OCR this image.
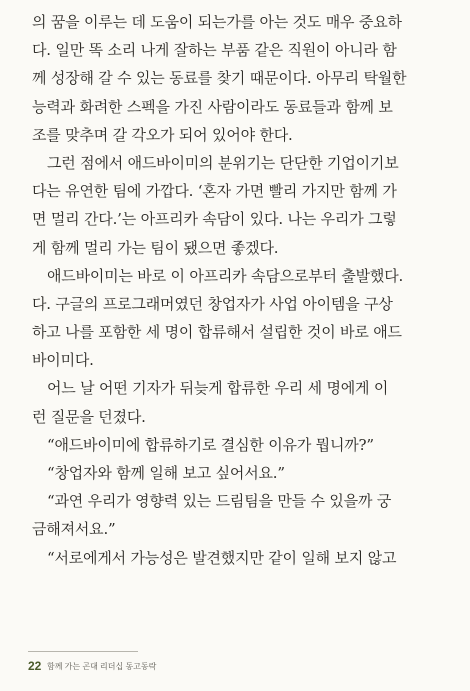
의 꿈을 이루는 데 도움이 되는가를 아는 것도 매우 중요하
다. 일만 똑 소리 나게 잘하는 부품 같은 직원이 아니라 함
께 성장해 갈 수 있는 동료를 찾기 때문이다. 아무리 탁월한
능력과 화려한 스펙을 가진 사람이라도 동료들과 함께 보
조를 맞추며 갈 각오가 되어 있어야 한다.
그런 점에서 애드바이미의 분위기는 단단한 기업이기보
다는 유연한 팀에 가깝다. ‘혼자 가면 빨리 가지만 함께 가
면 멀리 간다.’는 아프리카 속담이 있다. 나는 우리가 그렇
게 함께 멀리 가는 팀이 됐으면 좋겠다.
애드바이미는 바로 이 아프리카 속담으로부터 출발했다.
다. 구글의 프로그래머였던 창업자가 사업 아이템을 구상
하고 나를 포함한 세 명이 합류해서 설립한 것이 바로 애드
바이미다.
어느 날 어떤 기자가 뒤늦게 합류한 우리 세 명에게 이
런 질문을 던졌다.
“애드바이미에 합류하기로 결심한 이유가 뭡니까?”
“창업자와 함께 일해 보고 싶어서요.”
“과연 우리가 영향력 있는 드림팀을 만들 수 있을까 궁
금해져서요.”
“서로에게서 가능성은 발견했지만 같이 일해 보지 않고
22 함께 가는 곤대 리더십 동고동락
